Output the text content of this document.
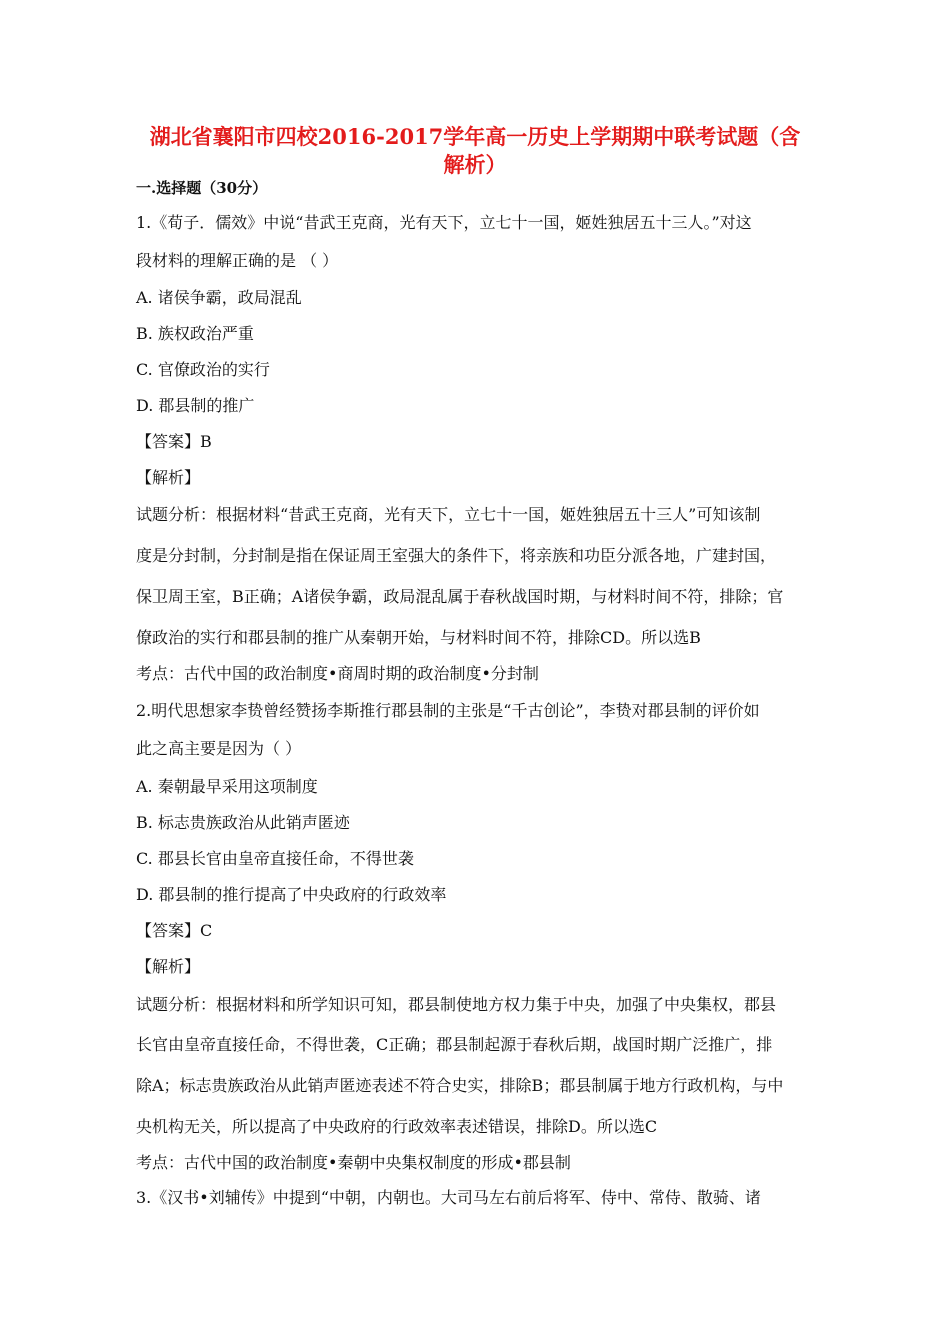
湖北省襄阳市四校2016-2017学年高一历史上学期期中联考试题（含
解析）
一.选择题（30分）
1.《荀子．儒效》中说“昔武王克商，光有天下，立七十一国，姬姓独居五十三人。”对这
段材料的理解正确的是 （ ）
A. 诸侯争霸，政局混乱
B. 族权政治严重
C. 官僚政治的实行
D. 郡县制的推广
【答案】B
【解析】
试题分析：根据材料“昔武王克商，光有天下，立七十一国，姬姓独居五十三人”可知该制
度是分封制，分封制是指在保证周王室强大的条件下，将亲族和功臣分派各地，广建封国，
保卫周王室，B正确；A诸侯争霸，政局混乱属于春秋战国时期，与材料时间不符，排除；官
僚政治的实行和郡县制的推广从秦朝开始，与材料时间不符，排除CD。所以选B
考点：古代中国的政治制度•商周时期的政治制度•分封制
2.明代思想家李贽曾经赞扬李斯推行郡县制的主张是“千古创论”，李贽对郡县制的评价如
此之高主要是因为（ ）
A. 秦朝最早采用这项制度
B. 标志贵族政治从此销声匿迹
C. 郡县长官由皇帝直接任命，不得世袭
D. 郡县制的推行提高了中央政府的行政效率
【答案】C
【解析】
试题分析：根据材料和所学知识可知，郡县制使地方权力集于中央，加强了中央集权，郡县
长官由皇帝直接任命，不得世袭，C正确；郡县制起源于春秋后期，战国时期广泛推广，排
除A；标志贵族政治从此销声匿迹表述不符合史实，排除B；郡县制属于地方行政机构，与中
央机构无关，所以提高了中央政府的行政效率表述错误，排除D。所以选C
考点：古代中国的政治制度•秦朝中央集权制度的形成•郡县制
3.《汉书•刘辅传》中提到“中朝，内朝也。大司马左右前后将军、侍中、常侍、散骑、诸
